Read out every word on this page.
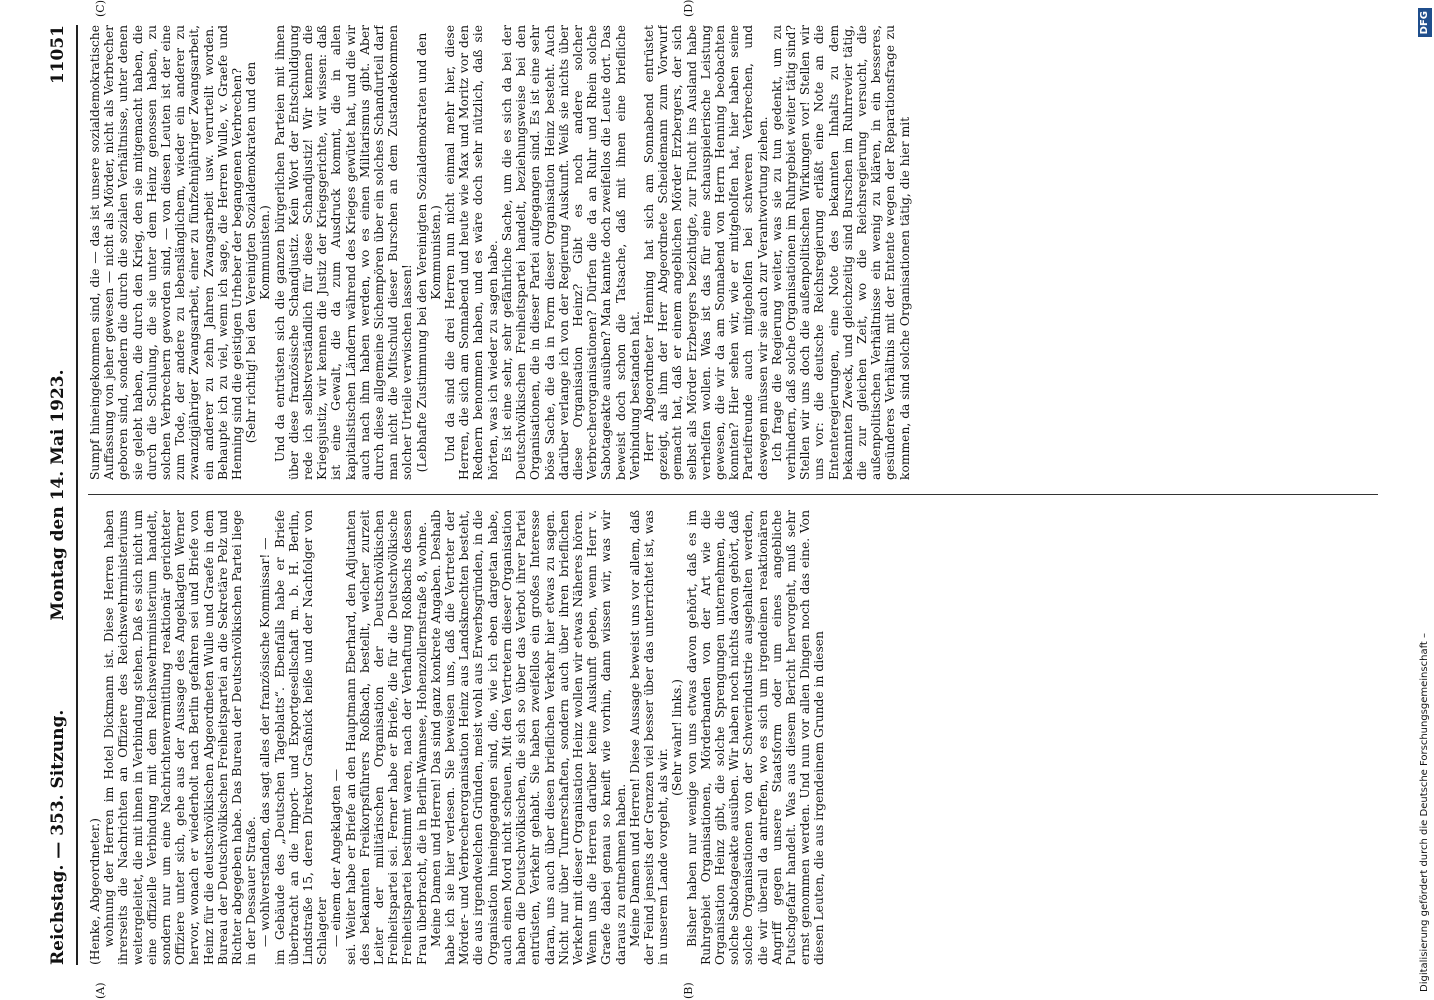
Reichstag. — 353. Sitzung.
Montag den 14. Mai 1923.
11051
(A)	(B)
(C)	(D)

(Henke, Abgeordneter.) wohnung der Herren im Hotel Dickmann ist. Diese Herren haben ihrerseits die Nachrichten an Offiziere des Reichswehrministeriums weitergeleitet, die mit ihnen in Verbindung stehen. Daß es sich nicht um eine offizielle Verbindung mit dem Reichswehrministerium handelt, sondern nur um eine Nachrichtenvermittlung reaktionär gerichteter Offiziere unter sich, gehe aus der Aussage des Angeklagten Werner hervor, wonach er wiederholt nach Berlin gefahren sei und Briefe von Heinz für die deutschvölkischen Abgeordneten Wulle und Graefe in dem Bureau der Deutschvölkischen Freiheitspartei an die Sekretäre Pelz und Richter abgegeben habe. Das Bureau der Deutschvölkischen Partei liege in der Dessauer Straße. — wohlverstanden, das sagt alles der französische Kommissar! — im Gebäude des „Deutschen Tageblatts“. Ebenfalls habe er Briefe überbracht an die Import- und Exportgesellschaft m. b. H. Berlin, Lindstraße 15, deren Direktor Graßnick heiße und der Nachfolger von Schlageter — einem der Angeklagten — sei. Weiter habe er Briefe an den Hauptmann Eberhard, den Adjutanten des bekannten Freikorpsführers Roßbach, bestellt, welcher zurzeit Leiter der militärischen Organisation der Deutschvölkischen Freiheitspartei sei. Ferner habe er Briefe, die für die Deutschvölkische Freiheitspartei bestimmt waren, nach der Verhaftung Roßbachs dessen Frau überbracht, die in Berlin-Wannsee, Hohenzollernstraße 8, wohne. Meine Damen und Herren! Das sind ganz konkrete Angaben. Deshalb habe ich sie hier verlesen. Sie beweisen uns, daß die Vertreter der Mörder- und Verbrecherorganisation Heinz aus Landsknechten besteht, die aus irgendwelchen Gründen, meist wohl aus Erwerbsgründen, in die Organisation hineingegangen sind, die, wie ich eben dargetan habe, auch einen Mord nicht scheuen. Mit den Vertretern dieser Organisation haben die Deutschvölkischen, die sich so über das Verbot ihrer Partei entrüsten, Verkehr gehabt. Sie haben zweifellos ein großes Interesse daran, uns auch über diesen brieflichen Verkehr hier etwas zu sagen. Nicht nur über Turnerschaften, sondern auch über ihren brieflichen Verkehr mit dieser Organisation Heinz wollen wir etwas Näheres hören. Wenn uns die Herren darüber keine Auskunft geben, wenn Herr v. Graefe dabei genau so kneift wie vorhin, dann wissen wir, was wir daraus zu entnehmen haben. Meine Damen und Herren! Diese Aussage beweist uns vor allem, daß der Feind jenseits der Grenzen viel besser über das unterrichtet ist, was in unserem Lande vorgeht, als wir.

(Sehr wahr! links.) Bisher haben nur wenige von uns etwas davon gehört, daß es im Ruhrgebiet Organisationen, Mörderbanden von der Art wie die Organisation Heinz gibt, die solche Sprengungen unternehmen, die solche Sabotageakte ausüben. Wir haben noch nichts davon gehört, daß solche Organisationen von der Schwerindustrie ausgehalten werden, die wir überall da antreffen, wo es sich um irgendeinen reaktionären Angriff gegen unsere Staatsform oder um eines angebliche Putschgefahr handelt. Was aus diesem Bericht hervorgeht, muß sehr ernst genommen werden. Und nun vor allen Dingen noch das eine. Von diesen Leuten, die aus irgendeinem Grunde in diesen

Sumpf hineingekommen sind, die — das ist unsere sozialdemokratische Auffassung von jeher gewesen — nicht als Mörder, nicht als Verbrecher geboren sind, sondern die durch die sozialen Verhältnisse, unter denen sie gelebt haben, die durch den Krieg, den sie mitgemacht haben, die durch die Schulung, die sie unter dem Heinz genossen haben, zu solchen Verbrechern geworden sind, — von diesen Leuten ist der eine zum Tode, der andere zu lebenslänglichem, wieder ein anderer zu zwanzigjähriger Zwangsarbeit, einer zu fünfzehnjähriger Zwangsarbeit, ein anderer zu zehn Jahren Zwangsarbeit usw. verurteilt worden. Behaupte ich zu viel, wenn ich sage, die Herren Wulle, v. Graefe und Henning sind die geistigen Urheber der begangenen Verbrechen? (Sehr richtig! bei den Vereinigten Sozialdemokraten und den Kommunisten.) Und da entrüsten sich die ganzen bürgerlichen Parteien mit ihnen über diese französische Schandjustiz. Kein Wort der Entschuldigung rede ich selbstverständlich für diese Schandjustiz! Wir kennen die Kriegsjustiz, wir kennen die Justiz der Kriegsgerichte, wir wissen: daß ist eine Gewalt, die da zum Ausdruck kommt, die in allen kapitalistischen Ländern während des Krieges gewütet hat, und die wir auch nach ihm haben werden, wo es einen Militarismus gibt. Aber durch diese allgemeine Sichempören über ein solches Schandurteil darf man nicht die Mitschuld dieser Burschen an dem Zustandekommen solcher Urteile verwischen lassen! (Lebhafte Zustimmung bei den Vereinigten Sozialdemokraten und den Kommunisten.) Und da sind die drei Herren nun nicht einmal mehr hier, diese Herren, die sich am Sonnabend und heute wie Max und Moritz vor den Rednern benommen haben, und es wäre doch sehr nützlich, daß sie hörten, was ich wieder zu sagen habe. Es ist eine sehr, sehr gefährliche Sache, um die es sich da bei der Deutschvölkischen Freiheitspartei handelt, beziehungsweise bei den Organisationen, die in dieser Partei aufgegangen sind. Es ist eine sehr böse Sache, die da in Form dieser Organisation Heinz besteht. Auch darüber verlange ich von der Regierung Auskunft. Weiß sie nichts über diese Organisation Heinz? Gibt es noch andere solcher Verbrecherorganisationen? Dürfen die da an Ruhr und Rhein solche Sabotageakte ausüben? Man kannte doch zweifellos die Leute dort. Das beweist doch schon die Tatsache, daß mit ihnen eine briefliche Verbindung bestanden hat. Herr Abgeordneter Henning hat sich am Sonnabend entrüstet gezeigt, als ihm der Herr Abgeordnete Scheidemann zum Vorwurf gemacht hat, daß er einem angeblichen Mörder Erzbergers, der sich selbst als Mörder Erzbergers bezichtigte, zur Flucht ins Ausland habe verhelfen wollen. Was ist das für eine schauspielerische Leistung gewesen, die wir da am Sonnabend von Herrn Henning beobachten konnten? Hier sehen wir, wie er mitgeholfen hat, hier haben seine Parteifreunde auch mitgeholfen bei schweren Verbrechen, und deswegen müssen wir sie auch zur Verantwortung ziehen. Ich frage die Regierung weiter, was sie zu tun gedenkt, um zu verhindern, daß solche Organisationen im Ruhrgebiet weiter tätig sind? Stellen wir uns doch die außenpolitischen Wirkungen vor! Stellen wir uns vor: die deutsche Reichsregierung erläßt eine Note an die Ententeregierungen, eine Note des bekannten Inhalts zu dem bekannten Zweck, und gleichzeitig sind Burschen im Ruhrrevier tätig, die zur gleichen Zeit, wo die Reichsregierung versucht, die außenpolitischen Verhältnisse ein wenig zu klären, in ein besseres, gesünderes Verhältnis mit der Entente wegen der Reparationsfrage zu kommen, da sind solche Organisationen tätig, die hier mit

Digitalisierung gefördert durch die Deutsche Forschungsgemeinschaft –
DFG
